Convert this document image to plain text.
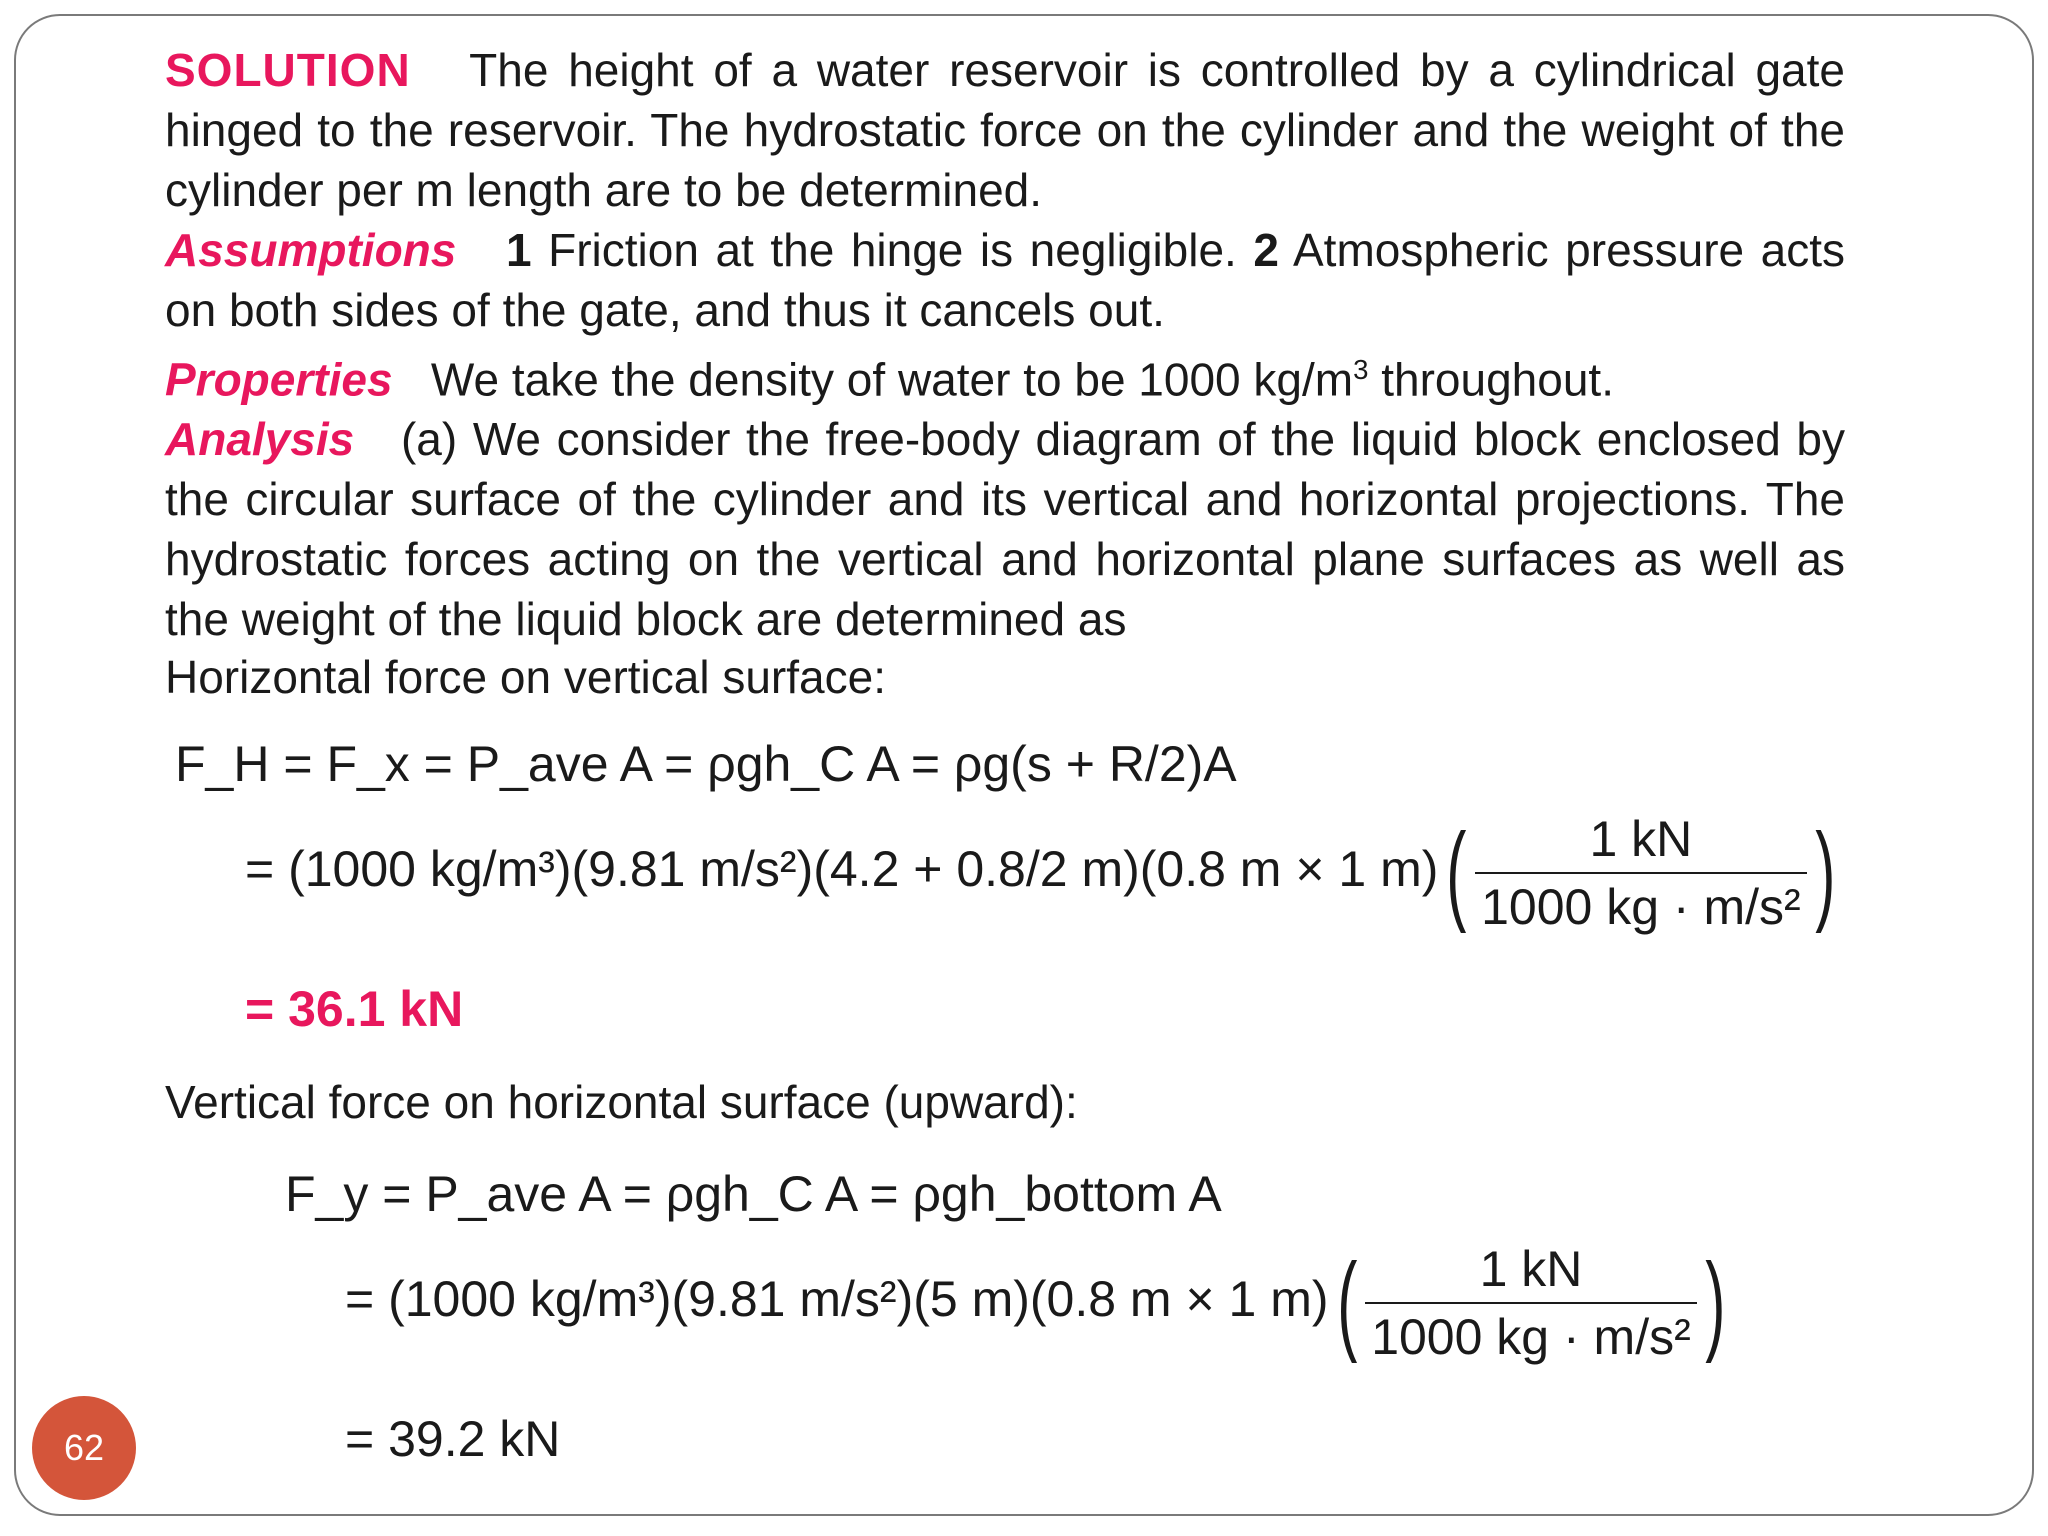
SOLUTION The height of a water reservoir is controlled by a cylindrical gate hinged to the reservoir. The hydrostatic force on the cylinder and the weight of the cylinder per m length are to be determined.

Assumptions 1 Friction at the hinge is negligible. 2 Atmospheric pressure acts on both sides of the gate, and thus it cancels out.

Properties We take the density of water to be 1000 $kg/m^3$ throughout.

Analysis (a) We consider the free-body diagram of the liquid block enclosed by the circular surface of the cylinder and its vertical and horizontal projections. The hydrostatic forces acting on the vertical and horizontal plane surfaces as well as the weight of the liquid block are determined as

Horizontal force on vertical surface:
F_H = F_x = P_ave A = ρgh_C A = ρg(s + R/2)A
= (1000 kg/m³)(9.81 m/s²)(4.2 + 0.8/2 m)(0.8 m × 1 $m)( \frac{1 kN}{\text{1000 kg · m/s²}}$ )
= 36.1 kN
Vertical force on horizontal surface (upward):
F_y = P_ave A = ρgh_C A = ρgh_bottom A
= (1000 kg/m³)(9.81 m/s²)(5 m)(0.8 m × 1 $m)( \frac{1 kN}{\text{1000 kg · m/s²}}$ )
= 39.2 kN
62
